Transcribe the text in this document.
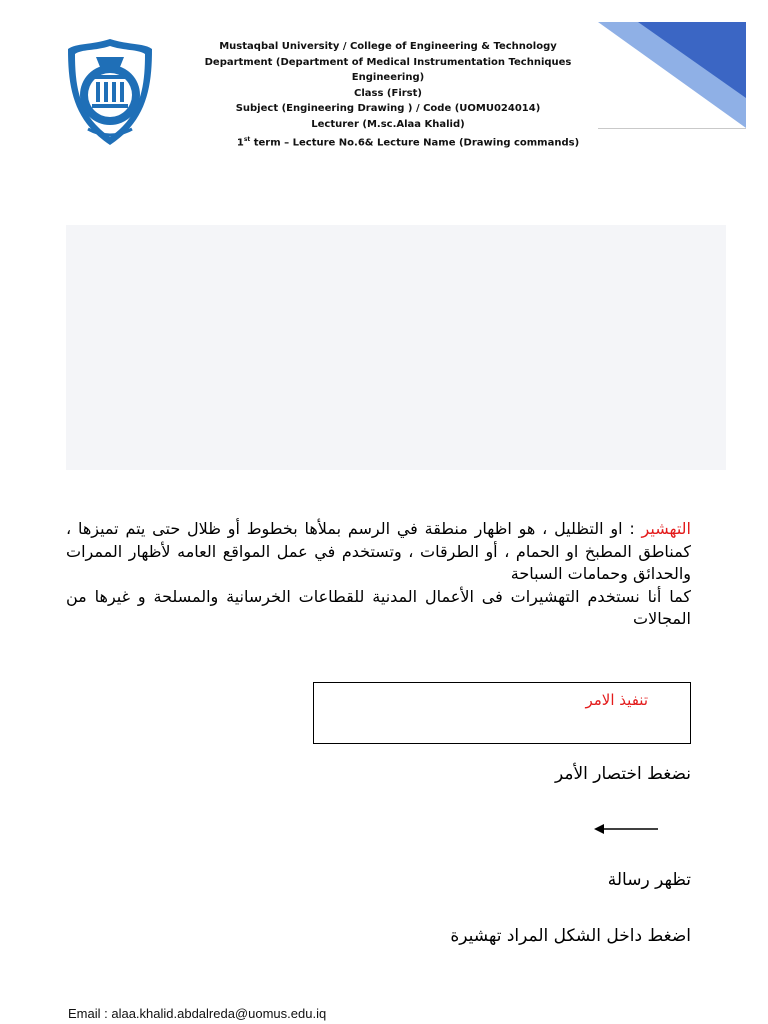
Mustaqbal University / College of Engineering & Technology
Department (Department of Medical Instrumentation Techniques
Engineering)
Class (First)
Subject (Engineering Drawing ) / Code (UOMU024014)
Lecturer (M.sc.Alaa Khalid)
1st term – Lecture No.6& Lecture Name (Drawing commands)
التهشير : او التظليل ، هو اظهار منطقة في الرسم بملأها بخطوط أو ظلال حتى يتم تميزها ، كمناطق المطبخ او الحمام ، أو الطرقات ، وتستخدم في عمل المواقع العامه لأظهار الممرات والحدائق وحمامات السباحة
كما أنا نستخدم التهشيرات فى الأعمال المدنية للقطاعات الخرسانية والمسلحة و غيرها من المجالات
تنفيذ الامر
نضغط اختصار الأمر
تظهر رسالة
اضغط داخل الشكل المراد تهشيرة
Email : alaa.khalid.abdalreda@uomus.edu.iq
